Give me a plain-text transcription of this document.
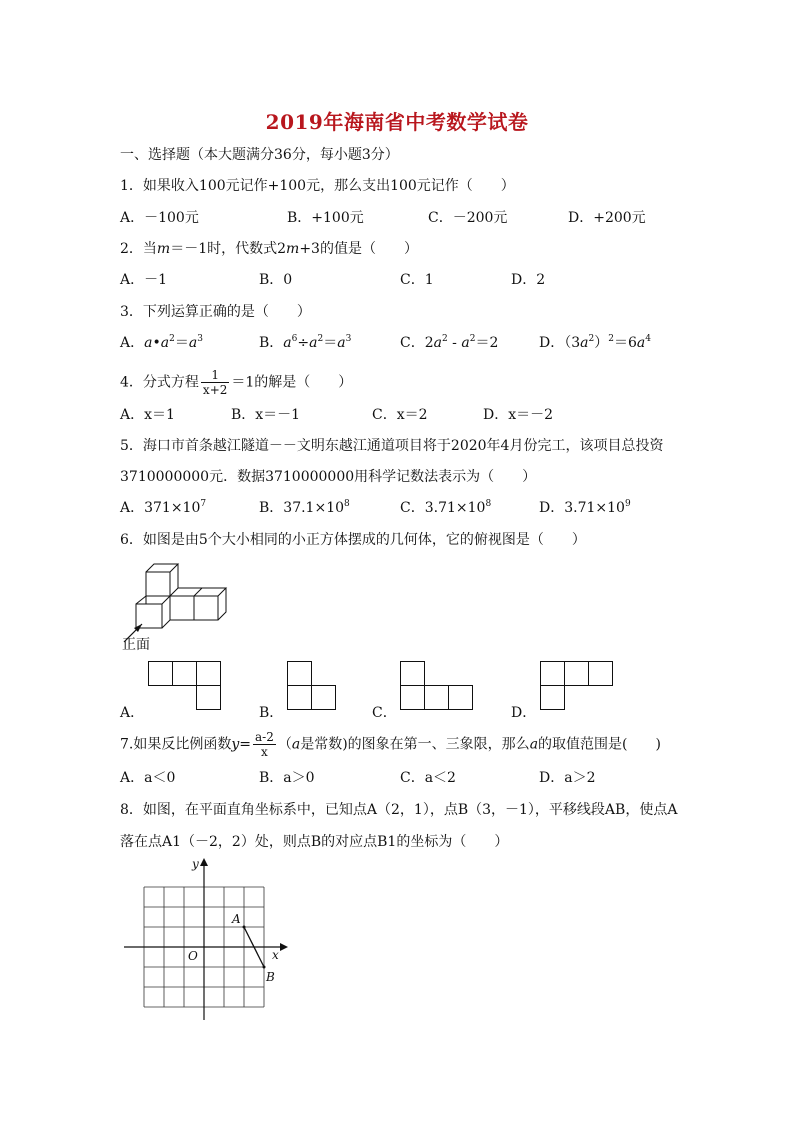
2019年海南省中考数学试卷
一、选择题（本大题满分36分，每小题3分）
1．如果收入100元记作+100元，那么支出100元记作（　　）
A．－100元	B．+100元	C．－200元	D．+200元
2．当m＝－1时，代数式2m+3的值是（　　）
A．－1	B．0	C．1	D．2
3．下列运算正确的是（　　）
A．$a•a^2=a^3$	B．$a^6\div a^2=a^3$	C．$2a^2 - a^2=2$	D．$(3a^2)^2=6a^4$
4．分式方程 $\frac{1}{x+2} =1$的解是（　　）
A．x＝1	B．x＝－1	C．x＝2	D．x＝－2
5．海口市首条越江隧道－－文明东越江通道项目将于2020年4月份完工，该项目总投资
3710000000元．数据3710000000用科学记数法表示为（　　）
A．$371\times 10^7$	B．$37.1\times 10^8$	C．$3.71\times 10^8$	D．$3.71\times 10^9$
6．如图是由5个大小相同的小正方体摆成的几何体，它的俯视图是（　　）
正面
A．	B．	C．	D．
7.如果反比例函数$y= \frac{a-2}{x} (a$是常数)的图象在第一、三象限，那么a的取值范围是(　　)
A．a＜0	B．a＞0	C．a＜2	D．a＞2
8．如图，在平面直角坐标系中，已知点A（2，1），点B（3，－1），平移线段AB，使点A
落在点A1（－2，2）处，则点B的对应点B1的坐标为（　　）
x
y
O
A
B
